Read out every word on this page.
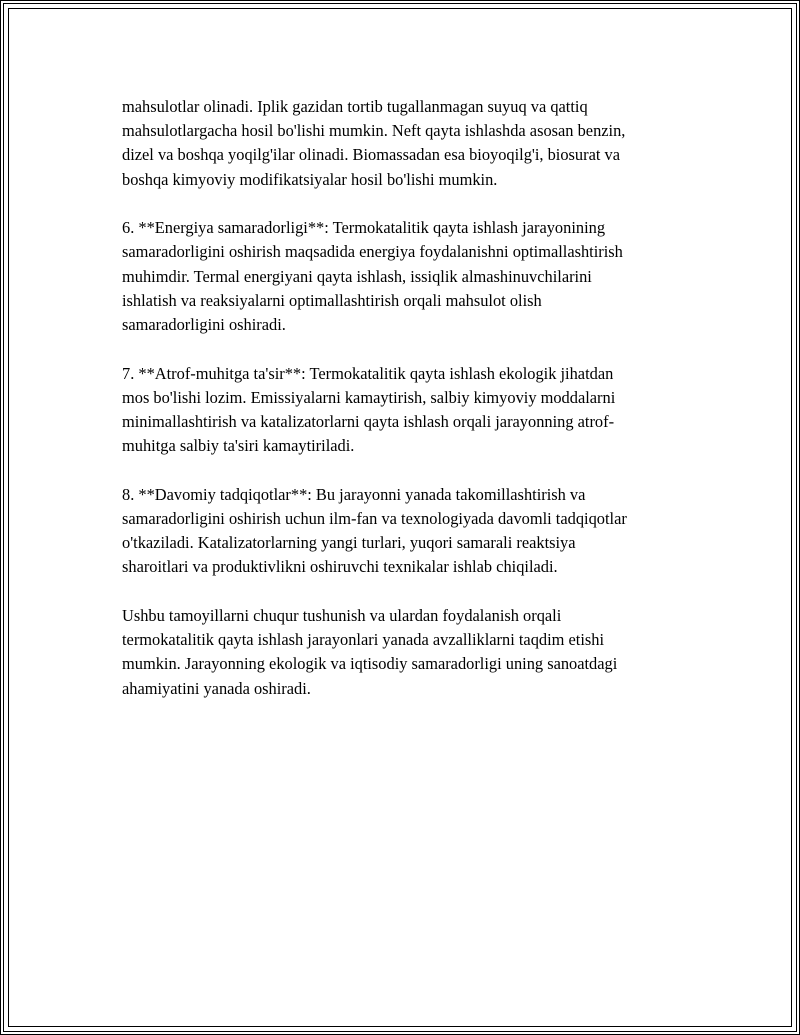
mahsulotlar olinadi. Iplik gazidan tortib tugallanmagan suyuq va qattiq
mahsulotlargacha hosil bo'lishi mumkin. Neft qayta ishlashda asosan benzin,
dizel va boshqa yoqilg'ilar olinadi. Biomassadan esa bioyoqilg'i, biosurat va
boshqa kimyoviy modifikatsiyalar hosil bo'lishi mumkin.

6. **Energiya samaradorligi**: Termokatalitik qayta ishlash jarayonining
samaradorligini oshirish maqsadida energiya foydalanishni optimallashtirish
muhimdir. Termal energiyani qayta ishlash, issiqlik almashinuvchilarini
ishlatish va reaksiyalarni optimallashtirish orqali mahsulot olish
samaradorligini oshiradi.

7. **Atrof-muhitga ta'sir**: Termokatalitik qayta ishlash ekologik jihatdan
mos bo'lishi lozim. Emissiyalarni kamaytirish, salbiy kimyoviy moddalarni
minimallashtirish va katalizatorlarni qayta ishlash orqali jarayonning atrof-
muhitga salbiy ta'siri kamaytiriladi.

8. **Davomiy tadqiqotlar**: Bu jarayonni yanada takomillashtirish va
samaradorligini oshirish uchun ilm-fan va texnologiyada davomli tadqiqotlar
o'tkaziladi. Katalizatorlarning yangi turlari, yuqori samarali reaktsiya
sharoitlari va produktivlikni oshiruvchi texnikalar ishlab chiqiladi.

Ushbu tamoyillarni chuqur tushunish va ulardan foydalanish orqali
termokatalitik qayta ishlash jarayonlari yanada avzalliklarni taqdim etishi
mumkin. Jarayonning ekologik va iqtisodiy samaradorligi uning sanoatdagi
ahamiyatini yanada oshiradi.
